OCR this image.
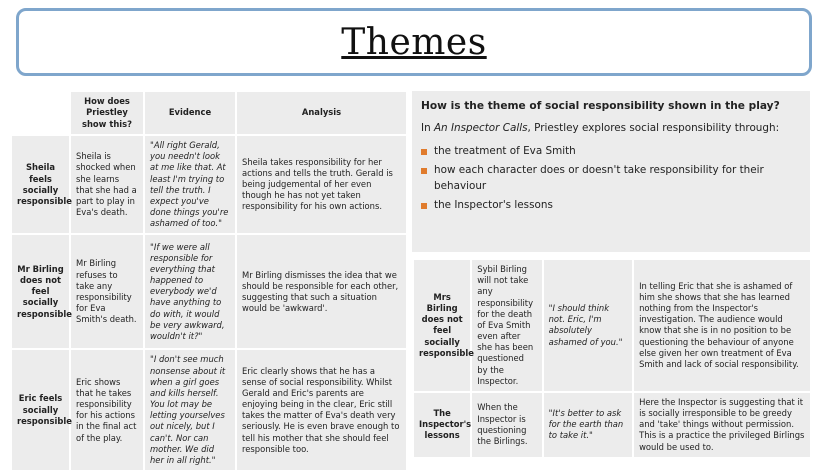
Themes
	How does Priestley show this?	Evidence	Analysis
Sheila feels socially responsible	Sheila is shocked when she learns that she had a part to play in Eva's death.	"All right Gerald, you needn't look at me like that. At least I'm trying to tell the truth. I expect you've done things you're ashamed of too."	Sheila takes responsibility for her actions and tells the truth. Gerald is being judgemental of her even though he has not yet taken responsibility for his own actions.
Mr Birling does not feel socially responsible	Mr Birling refuses to take any responsibility for Eva Smith's death.	"If we were all responsible for everything that happened to everybody we'd have anything to do with, it would be very awkward, wouldn't it?"	Mr Birling dismisses the idea that we should be responsible for each other, suggesting that such a situation would be 'awkward'.
Eric feels socially responsible	Eric shows that he takes responsibility for his actions in the final act of the play.	"I don't see much nonsense about it when a girl goes and kills herself. You lot may be letting yourselves out nicely, but I can't. Nor can mother. We did her in all right."	Eric clearly shows that he has a sense of social responsibility. Whilst Gerald and Eric's parents are enjoying being in the clear, Eric still takes the matter of Eva's death very seriously. He is even brave enough to tell his mother that she should feel responsible too.
How is the theme of social responsibility shown in the play?

In An Inspector Calls, Priestley explores social responsibility through:

the treatment of Eva Smith
how each character does or doesn't take responsibility for their behaviour
the Inspector's lessons
Mrs Birling does not feel socially responsible	Sybil Birling will not take any responsibility for the death of Eva Smith even after she has been questioned by the Inspector.	"I should think not. Eric, I'm absolutely ashamed of you."	In telling Eric that she is ashamed of him she shows that she has learned nothing from the Inspector's investigation. The audience would know that she is in no position to be questioning the behaviour of anyone else given her own treatment of Eva Smith and lack of social responsibility.
The Inspector's lessons	When the Inspector is questioning the Birlings.	"It's better to ask for the earth than to take it."	Here the Inspector is suggesting that it is socially irresponsible to be greedy and 'take' things without permission. This is a practice the privileged Birlings would be used to.
